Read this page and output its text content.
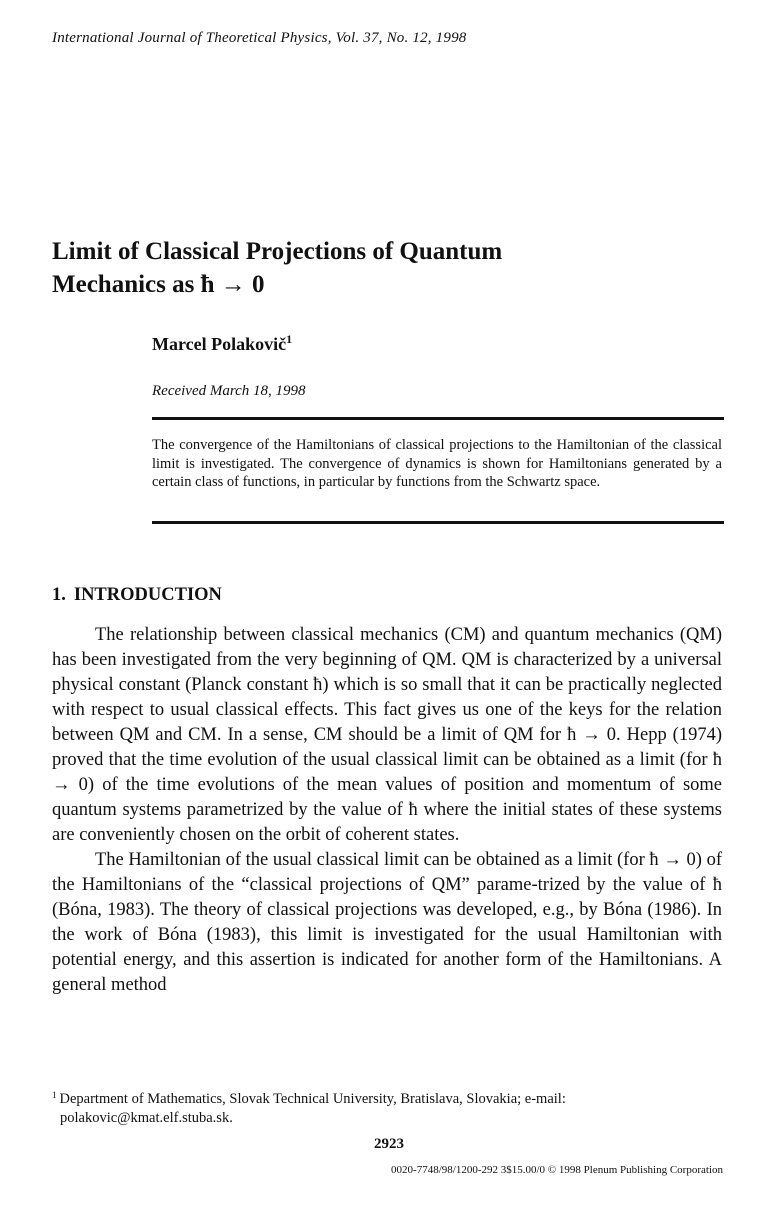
International Journal of Theoretical Physics, Vol. 37, No. 12, 1998
Limit of Classical Projections of Quantum
Mechanics as ħ → 0
Marcel Polakovič$^1$
Received March 18, 1998
The convergence of the Hamiltonians of classical projections to the Hamiltonian of the classical limit is investigated. The convergence of dynamics is shown for Hamiltonians generated by a certain class of functions, in particular by functions from the Schwartz space.
1. INTRODUCTION

The relationship between classical mechanics (CM) and quantum mechanics (QM) has been investigated from the very beginning of QM. QM is characterized by a universal physical constant (Planck constant ħ) which is so small that it can be practically neglected with respect to usual classical effects. This fact gives us one of the keys for the relation between QM and CM. In a sense, CM should be a limit of QM for ħ → 0. Hepp (1974) proved that the time evolution of the usual classical limit can be obtained as a limit (for ħ → 0) of the time evolutions of the mean values of position and momentum of some quantum systems parametrized by the value of ħ where the initial states of these systems are conveniently chosen on the orbit of coherent states.

The Hamiltonian of the usual classical limit can be obtained as a limit (for ħ → 0) of the Hamiltonians of the “classical projections of QM” parame-trized by the value of ħ (Bóna, 1983). The theory of classical projections was developed, e.g., by Bóna (1986). In the work of Bóna (1983), this limit is investigated for the usual Hamiltonian with potential energy, and this assertion is indicated for another form of the Hamiltonians. A general method

$^1$ Department of Mathematics, Slovak Technical University, Bratislava, Slovakia; e-mail:
polakovic@kmat.elf.stuba.sk.
2923
0020-7748/98/1200-292 3$15.00/0 © 1998 Plenum Publishing Corporation
